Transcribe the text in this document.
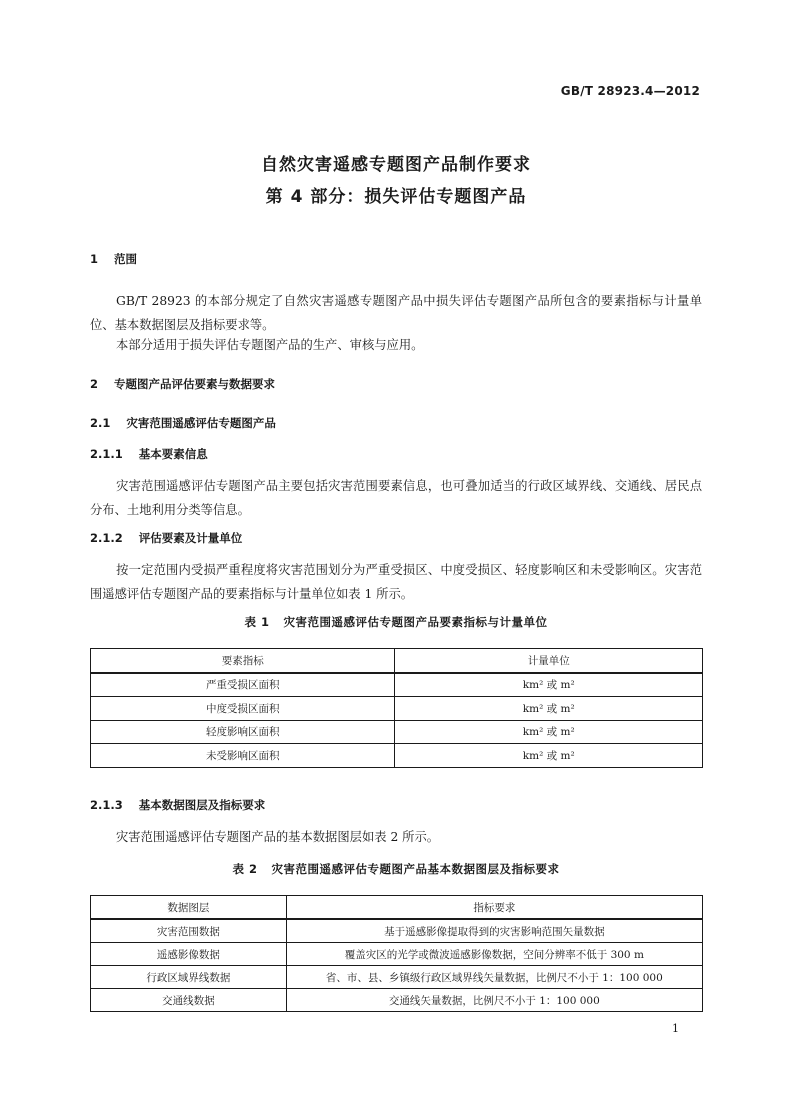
GB/T 28923.4—2012
自然灾害遥感专题图产品制作要求
第 4 部分：损失评估专题图产品
1 范围
GB/T 28923 的本部分规定了自然灾害遥感专题图产品中损失评估专题图产品所包含的要素指标与计量单位、基本数据图层及指标要求等。
本部分适用于损失评估专题图产品的生产、审核与应用。
2 专题图产品评估要素与数据要求
2.1 灾害范围遥感评估专题图产品
2.1.1 基本要素信息
灾害范围遥感评估专题图产品主要包括灾害范围要素信息，也可叠加适当的行政区域界线、交通线、居民点分布、土地利用分类等信息。
2.1.2 评估要素及计量单位
按一定范围内受损严重程度将灾害范围划分为严重受损区、中度受损区、轻度影响区和未受影响区。灾害范围遥感评估专题图产品的要素指标与计量单位如表 1 所示。
表 1 灾害范围遥感评估专题图产品要素指标与计量单位
要素指标	计量单位
严重受损区面积	km² 或 m²
中度受损区面积	km² 或 m²
轻度影响区面积	km² 或 m²
未受影响区面积	km² 或 m²
2.1.3 基本数据图层及指标要求
灾害范围遥感评估专题图产品的基本数据图层如表 2 所示。
表 2 灾害范围遥感评估专题图产品基本数据图层及指标要求
数据图层	指标要求
灾害范围数据	基于遥感影像提取得到的灾害影响范围矢量数据
遥感影像数据	覆盖灾区的光学或微波遥感影像数据，空间分辨率不低于 300 m
行政区域界线数据	省、市、县、乡镇级行政区域界线矢量数据，比例尺不小于 1：100 000
交通线数据	交通线矢量数据，比例尺不小于 1：100 000
1
